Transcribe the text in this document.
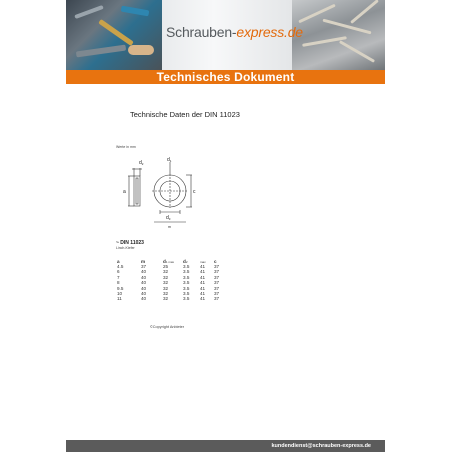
Schrauben-express.de
Technisches Dokument
Technische Daten der DIN 11023
Werte in mm
$d_2$
$d_1$
a	c
$d_3$
m
~ DIN 11023
Linch-Kiefer
a	m	d1 max	d2	max	c
4.5	37	25	3.5	41	37
6	40	32	3.5	41	37
7	40	32	3.5	41	37
8	40	32	3.5	41	37
9.5	40	32	3.5	41	37
10	40	32	3.5	41	37
11	40	32	3.5	41	37
©Copyright Anbieter
kundendienst@schrauben-express.de
